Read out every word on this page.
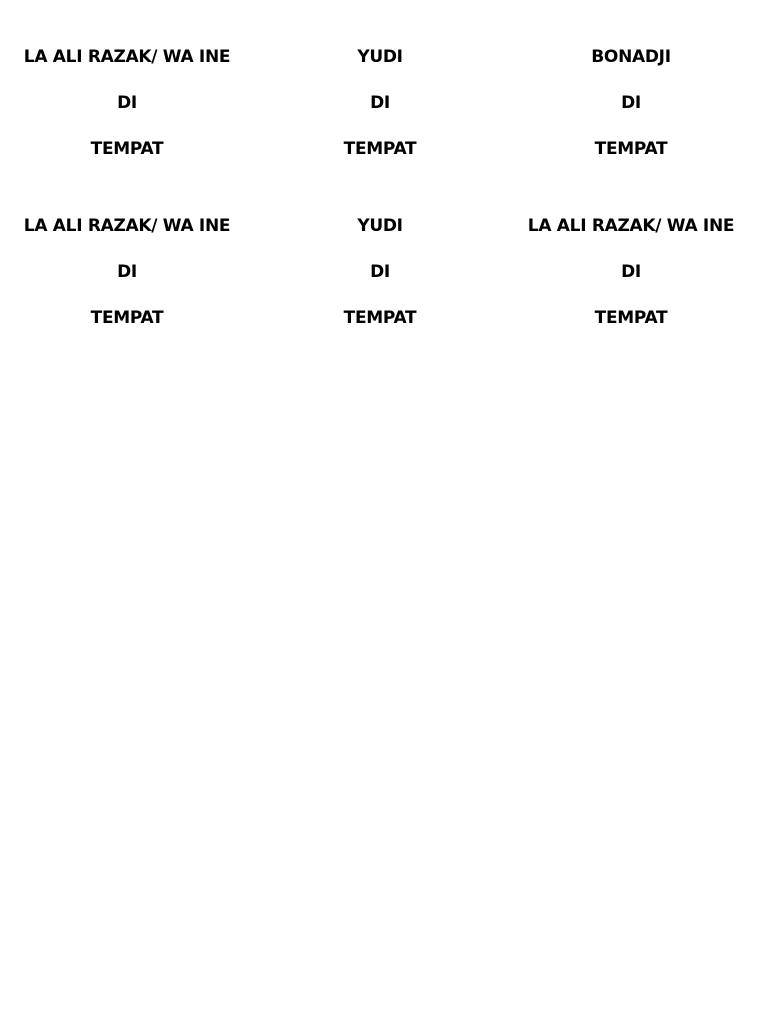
LA ALI RAZAK/ WA INE
DI
TEMPAT
YUDI
DI
TEMPAT
BONADJI
DI
TEMPAT
LA ALI RAZAK/ WA INE
DI
TEMPAT
YUDI
DI
TEMPAT
LA ALI RAZAK/ WA INE
DI
TEMPAT
